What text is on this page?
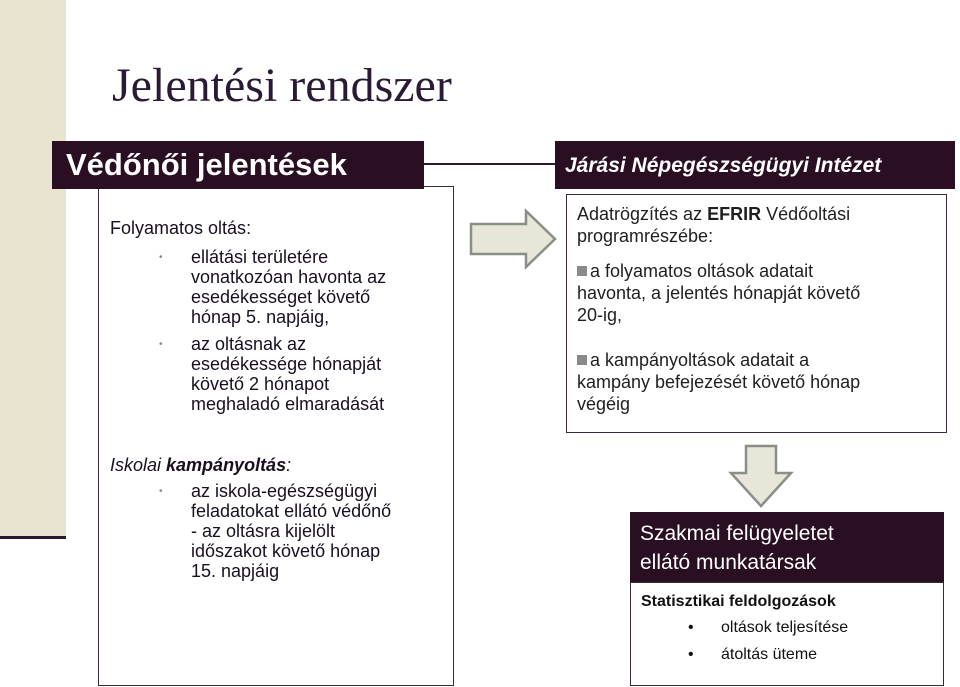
Jelentési rendszer
Védőnői jelentések
Folyamatos oltás:
• ellátási területére
vonatkozóan havonta az
esedékességet követő
hónap 5. napjáig,
• az oltásnak az
esedékessége hónapját
követő 2 hónapot
meghaladó elmaradását
Iskolai kampányoltás:
• az iskola-egészségügyi
feladatokat ellátó védőnő
- az oltásra kijelölt
időszakot követő hónap
15. napjáig
Járási Népegészségügyi Intézet
Adatrögzítés az EFRIR Védőoltási
programrészébe:
a folyamatos oltások adatait
havonta, a jelentés hónapját követő
20-ig,
a kampányoltások adatait a
kampány befejezését követő hónap
végéig
Szakmai felügyeletet
ellátó munkatársak
Statisztikai feldolgozások
• oltások teljesítése
• átoltás üteme
